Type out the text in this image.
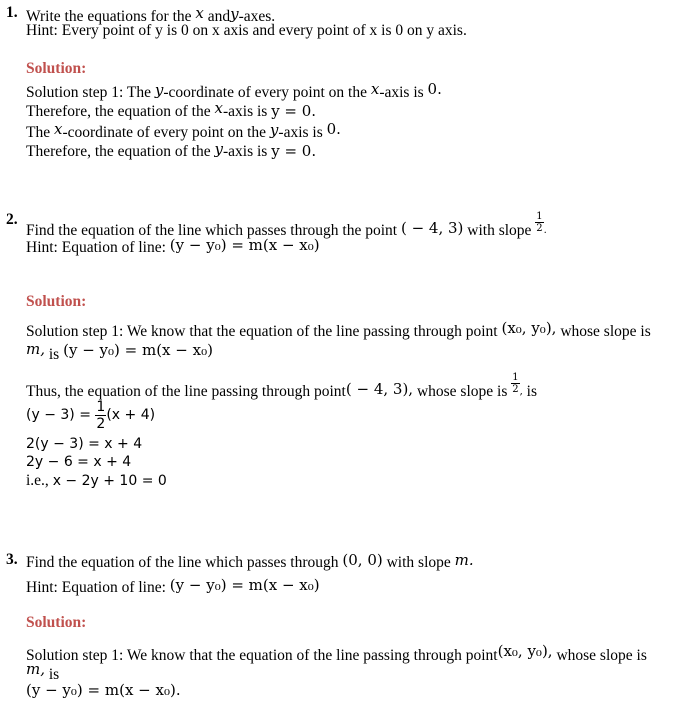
1. Write the equations for the x andy-axes.
Hint: Every point of y is 0 on x axis and every point of x is 0 on y axis.
Solution:
Solution step 1: The y-coordinate of every point on the x-axis is 0.
Therefore, the equation of the x-axis is y = 0.
The x-coordinate of every point on the y-axis is 0.
Therefore, the equation of the y-axis is y = 0.
2.
Find the equation of the line which passes through the point ( − 4, 3) with slope $\frac{1}{2}$ .
Hint: Equation of line: (y − y₀) = m(x − x₀)
Solution:
Solution step 1: We know that the equation of the line passing through point (x₀, y₀), whose slope is
m, is (y − y₀) = m(x − x₀)
Thus, the equation of the line passing through point( − 4, 3), whose slope is $\frac{1}{2}$ , is
$(y - 3) = \frac{1}{2} (x + 4)$
2(y − 3) = x + 4
2y − 6 = x + 4
i.e., x − 2y + 10 = 0
3. Find the equation of the line which passes through (0, 0) with slope m.
Hint: Equation of line: (y − y₀) = m(x − x₀)
Solution:
Solution step 1: We know that the equation of the line passing through point(x₀, y₀), whose slope is
m, is
(y − y₀) = m(x − x₀).
